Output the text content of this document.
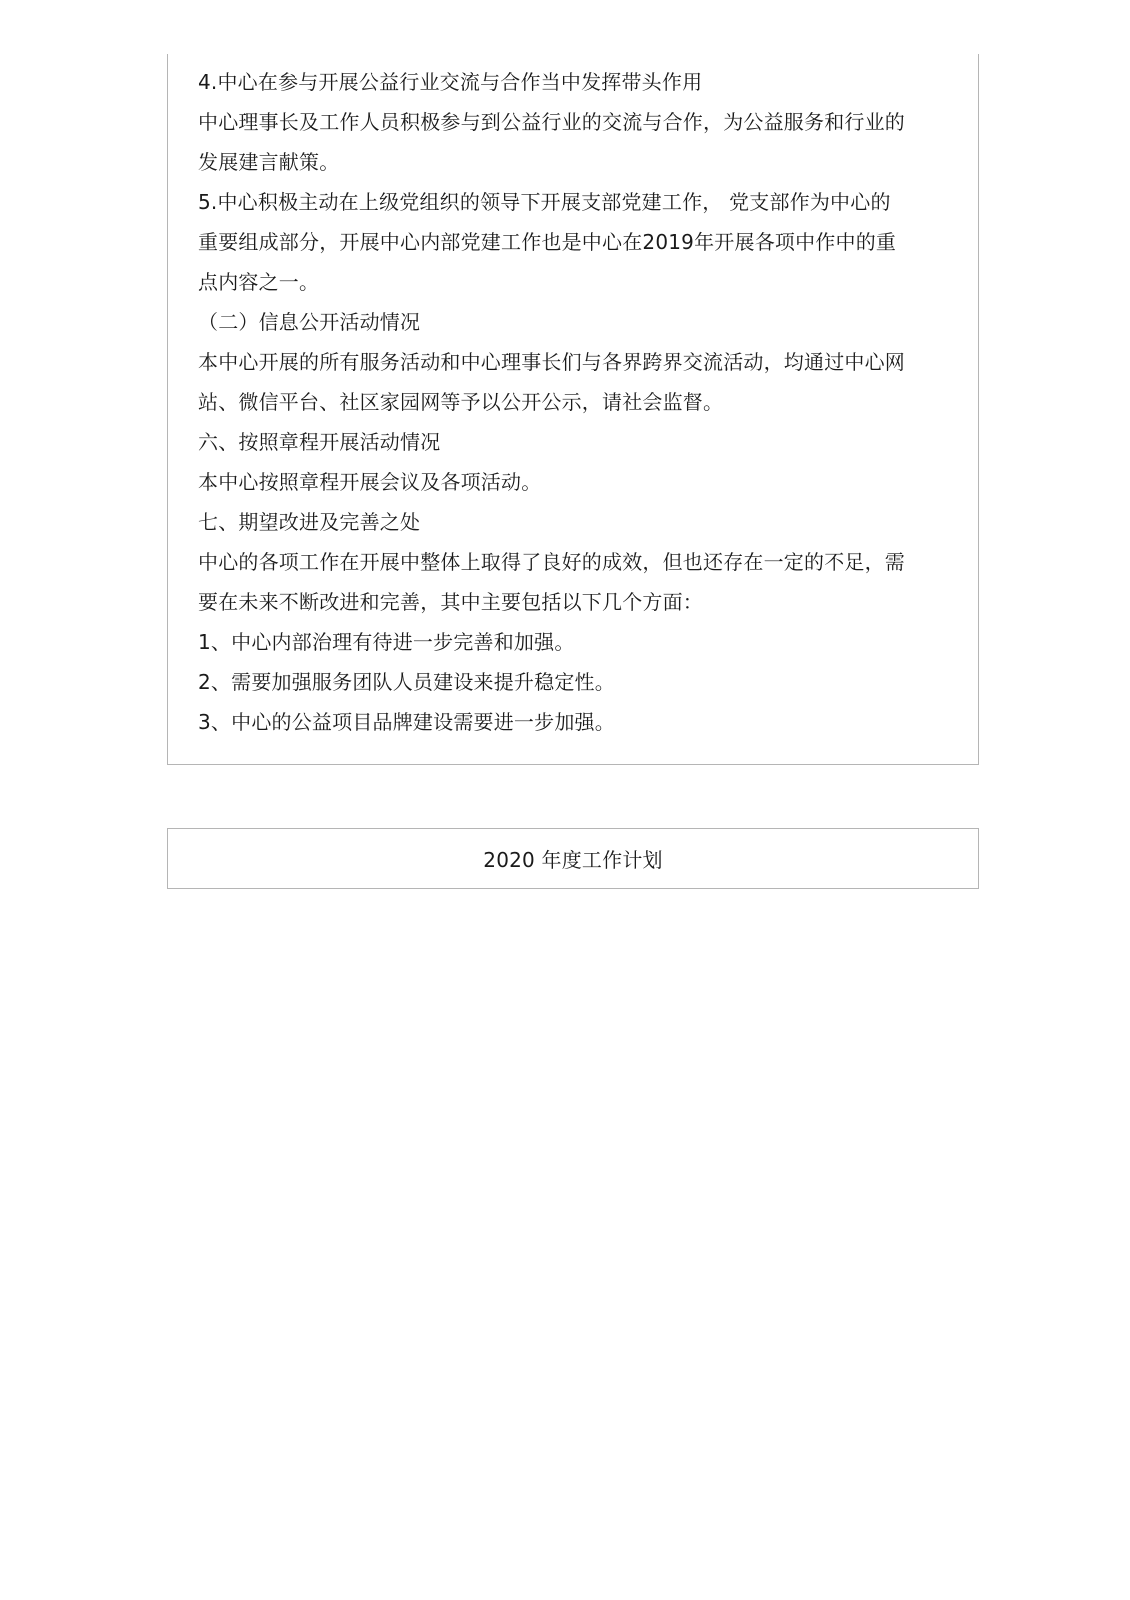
4.中心在参与开展公益行业交流与合作当中发挥带头作用
中心理事长及工作人员积极参与到公益行业的交流与合作，为公益服务和行业的
发展建言献策。
5.中心积极主动在上级党组织的领导下开展支部党建工作， 党支部作为中心的
重要组成部分，开展中心内部党建工作也是中心在2019年开展各项中作中的重
点内容之一。
（二）信息公开活动情况
本中心开展的所有服务活动和中心理事长们与各界跨界交流活动，均通过中心网
站、微信平台、社区家园网等予以公开公示，请社会监督。
六、按照章程开展活动情况
本中心按照章程开展会议及各项活动。
七、期望改进及完善之处
中心的各项工作在开展中整体上取得了良好的成效，但也还存在一定的不足，需
要在未来不断改进和完善，其中主要包括以下几个方面：
1、中心内部治理有待进一步完善和加强。
2、需要加强服务团队人员建设来提升稳定性。
3、中心的公益项目品牌建设需要进一步加强。
2020 年度工作计划
